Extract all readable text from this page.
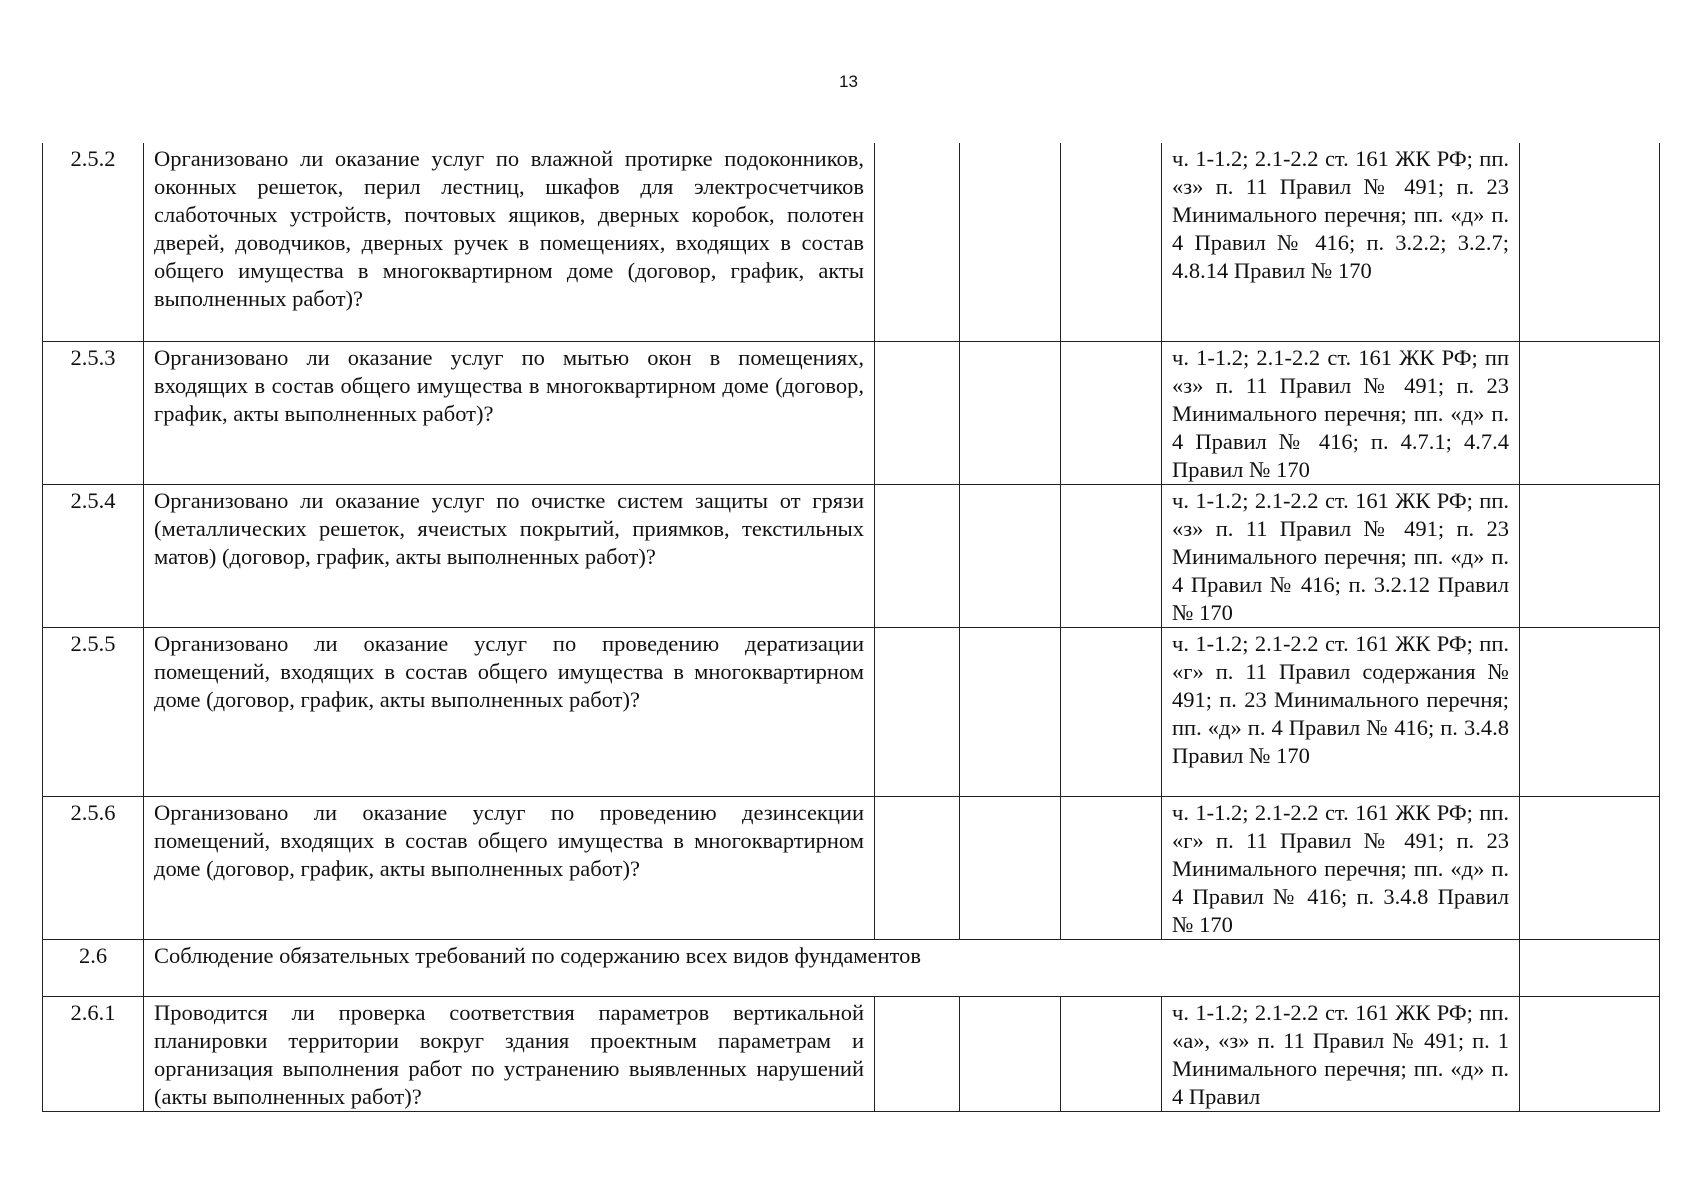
13
2.5.2	Организовано ли оказание услуг по влажной протирке подоконников, оконных решеток, перил лестниц, шкафов для электросчетчиков слаботочных устройств, почтовых ящиков, дверных коробок, полотен дверей, доводчиков, дверных ручек в помещениях, входящих в состав общего имущества в многоквартирном доме (договор, график, акты выполненных работ)?				ч. 1-1.2; 2.1-2.2 ст. 161 ЖК РФ; пп. «з» п. 11 Правил № 491; п. 23 Минимального перечня; пп. «д» п. 4 Правил № 416; п. 3.2.2; 3.2.7; 4.8.14 Правил № 170	
2.5.3	Организовано ли оказание услуг по мытью окон в помещениях, входящих в состав общего имущества в многоквартирном доме (договор, график, акты выполненных работ)?				ч. 1-1.2; 2.1-2.2 ст. 161 ЖК РФ; пп «з» п. 11 Правил № 491; п. 23 Минимального перечня; пп. «д» п. 4 Правил № 416; п. 4.7.1; 4.7.4 Правил № 170	
2.5.4	Организовано ли оказание услуг по очистке систем защиты от грязи (металлических решеток, ячеистых покрытий, приямков, текстильных матов) (договор, график, акты выполненных работ)?				ч. 1-1.2; 2.1-2.2 ст. 161 ЖК РФ; пп. «з» п. 11 Правил № 491; п. 23 Минимального перечня; пп. «д» п. 4 Правил № 416; п. 3.2.12 Правил № 170	
2.5.5	Организовано ли оказание услуг по проведению дератизации помещений, входящих в состав общего имущества в многоквартирном доме (договор, график, акты выполненных работ)?				ч. 1-1.2; 2.1-2.2 ст. 161 ЖК РФ; пп. «г» п. 11 Правил содержания № 491; п. 23 Минимального перечня; пп. «д» п. 4 Правил № 416; п. 3.4.8 Правил № 170	
2.5.6	Организовано ли оказание услуг по проведению дезинсекции помещений, входящих в состав общего имущества в многоквартирном доме (договор, график, акты выполненных работ)?				ч. 1-1.2; 2.1-2.2 ст. 161 ЖК РФ; пп. «г» п. 11 Правил № 491; п. 23 Минимального перечня; пп. «д» п. 4 Правил № 416; п. 3.4.8 Правил № 170	
2.6	Соблюдение обязательных требований по содержанию всех видов фундаментов					
2.6.1	Проводится ли проверка соответствия параметров вертикальной планировки территории вокруг здания проектным параметрам и организация выполнения работ по устранению выявленных нарушений (акты выполненных работ)?				ч. 1-1.2; 2.1-2.2 ст. 161 ЖК РФ; пп. «а», «з» п. 11 Правил № 491; п. 1 Минимального перечня; пп. «д» п. 4 Правил	
